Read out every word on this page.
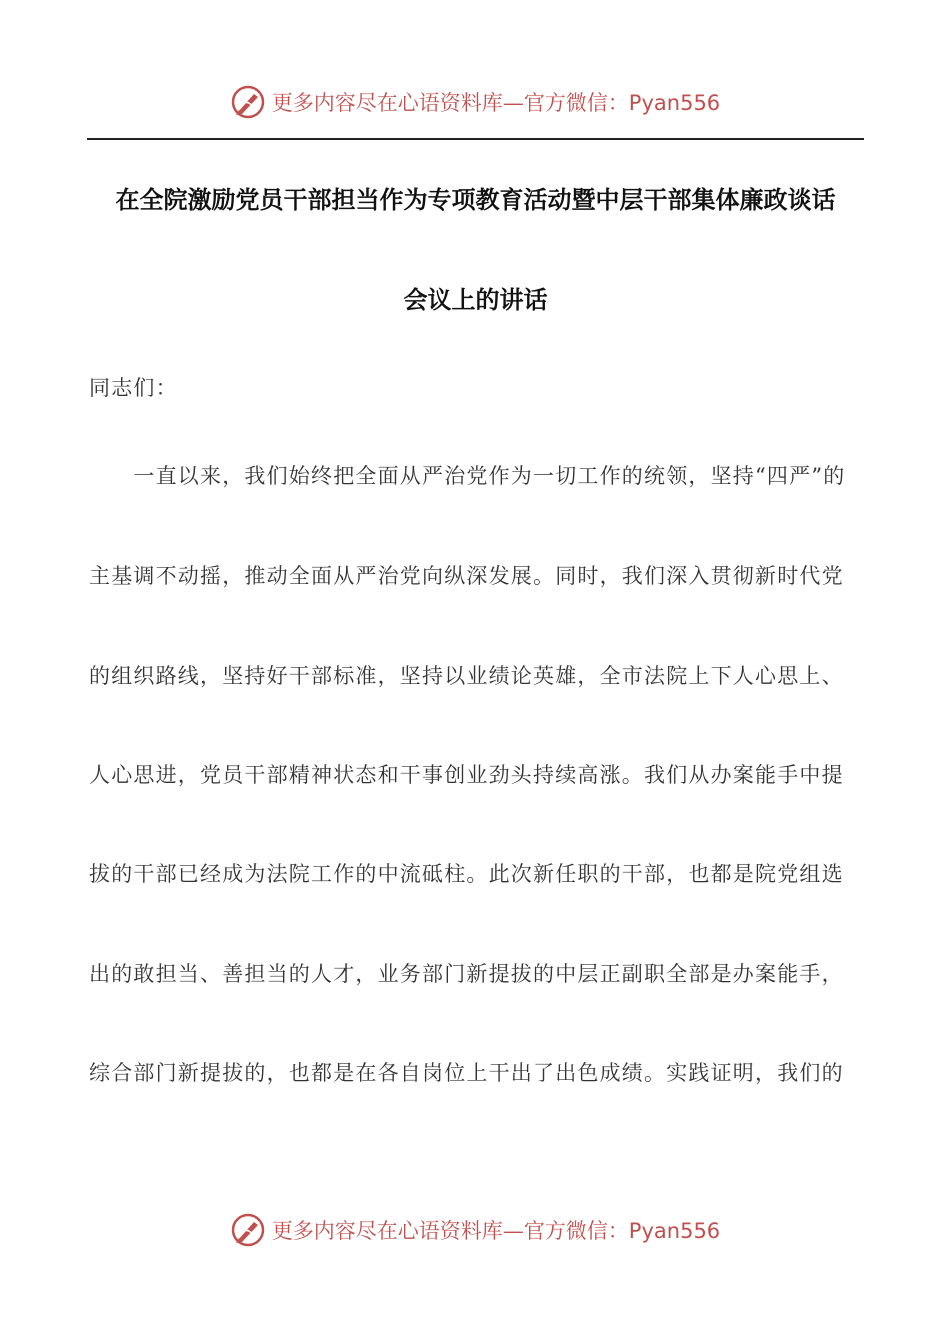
更多内容尽在心语资料库—官方微信：Pyan556
在全院激励党员干部担当作为专项教育活动暨中层干部集体廉政谈话
会议上的讲话
同志们：
　　一直以来，我们始终把全面从严治党作为一切工作的统领，坚持“四严”的
主基调不动摇，推动全面从严治党向纵深发展。同时，我们深入贯彻新时代党
的组织路线，坚持好干部标准，坚持以业绩论英雄，全市法院上下人心思上、
人心思进，党员干部精神状态和干事创业劲头持续高涨。我们从办案能手中提
拔的干部已经成为法院工作的中流砥柱。此次新任职的干部，也都是院党组选
出的敢担当、善担当的人才，业务部门新提拔的中层正副职全部是办案能手，
综合部门新提拔的，也都是在各自岗位上干出了出色成绩。实践证明，我们的
更多内容尽在心语资料库—官方微信：Pyan556
